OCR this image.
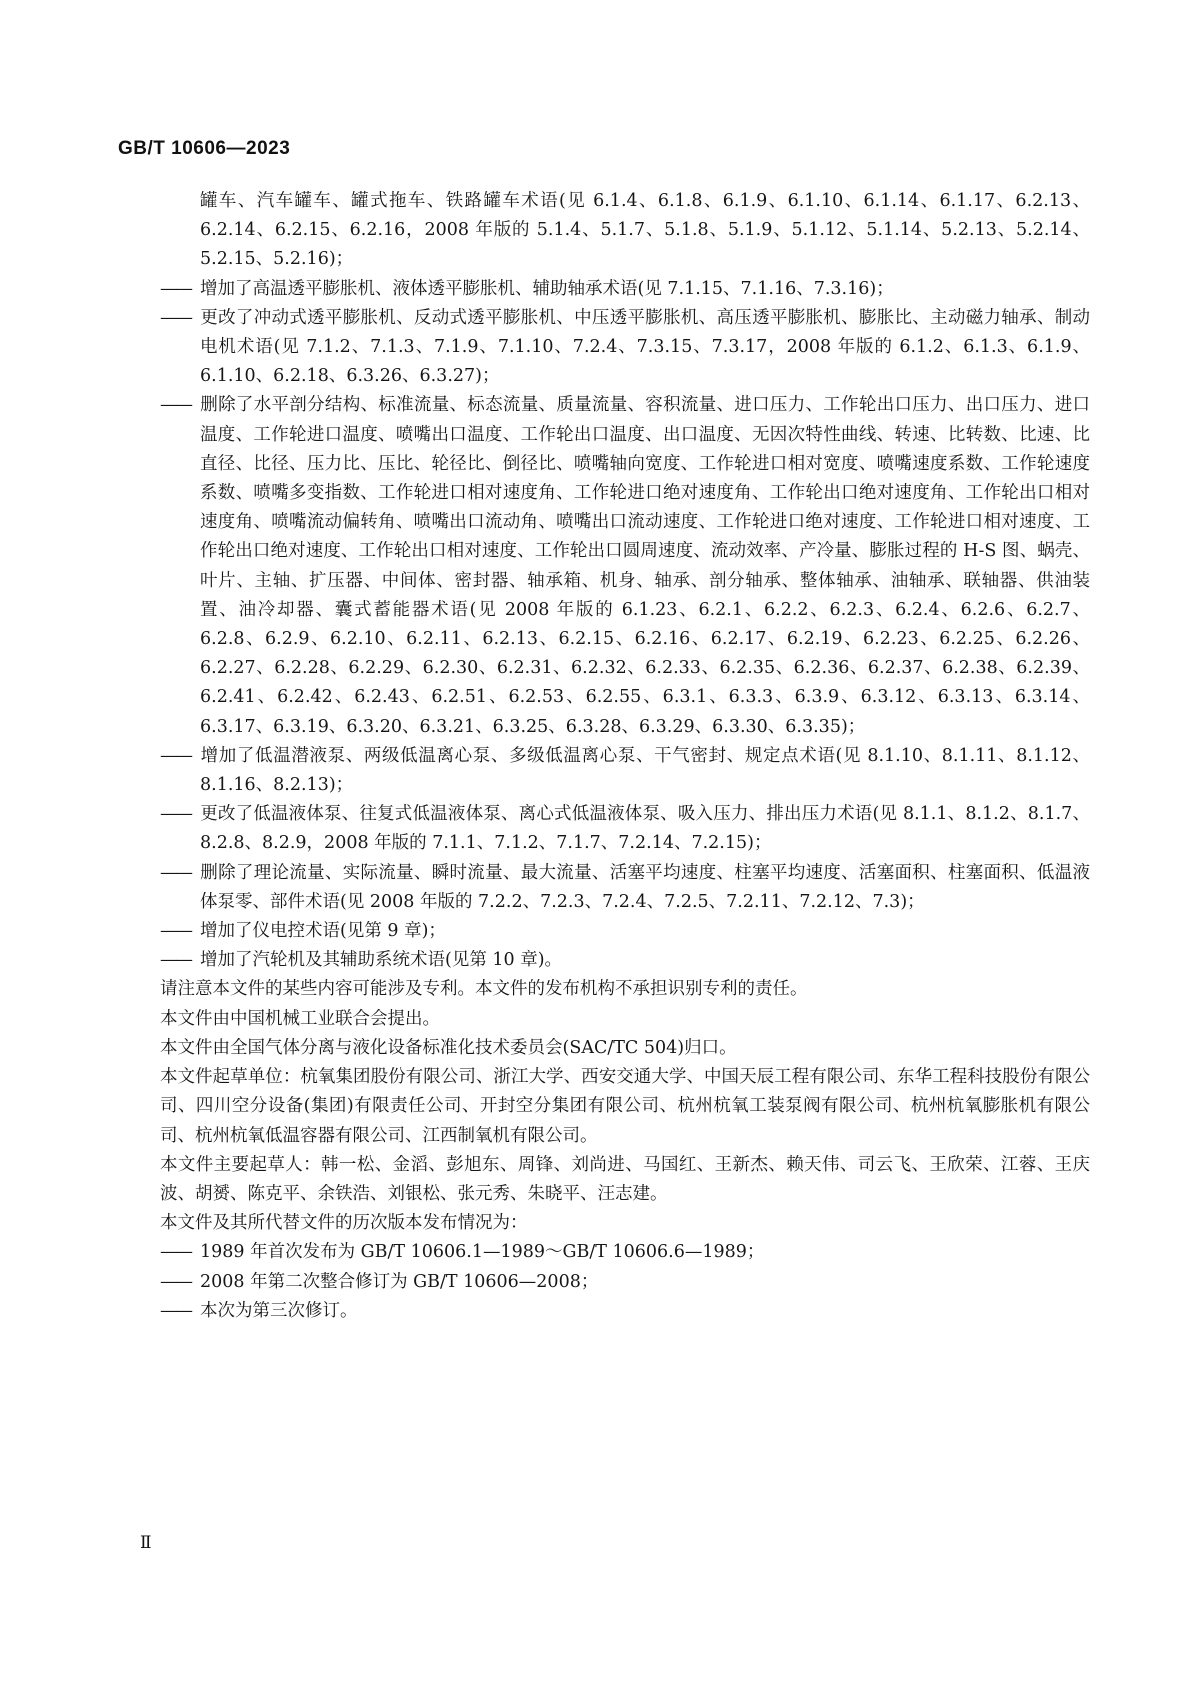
GB/T 10606—2023
罐车、汽车罐车、罐式拖车、铁路罐车术语(见 6.1.4、6.1.8、6.1.9、6.1.10、6.1.14、6.1.17、6.2.13、6.2.14、6.2.15、6.2.16，2008 年版的 5.1.4、5.1.7、5.1.8、5.1.9、5.1.12、5.1.14、5.2.13、5.2.14、5.2.15、5.2.16)；
—— 增加了高温透平膨胀机、液体透平膨胀机、辅助轴承术语(见 7.1.15、7.1.16、7.3.16)；
—— 更改了冲动式透平膨胀机、反动式透平膨胀机、中压透平膨胀机、高压透平膨胀机、膨胀比、主动磁力轴承、制动电机术语(见 7.1.2、7.1.3、7.1.9、7.1.10、7.2.4、7.3.15、7.3.17，2008 年版的 6.1.2、6.1.3、6.1.9、6.1.10、6.2.18、6.3.26、6.3.27)；
—— 删除了水平剖分结构、标准流量、标态流量、质量流量、容积流量、进口压力、工作轮出口压力、出口压力、进口温度、工作轮进口温度、喷嘴出口温度、工作轮出口温度、出口温度、无因次特性曲线、转速、比转数、比速、比直径、比径、压力比、压比、轮径比、倒径比、喷嘴轴向宽度、工作轮进口相对宽度、喷嘴速度系数、工作轮速度系数、喷嘴多变指数、工作轮进口相对速度角、工作轮进口绝对速度角、工作轮出口绝对速度角、工作轮出口相对速度角、喷嘴流动偏转角、喷嘴出口流动角、喷嘴出口流动速度、工作轮进口绝对速度、工作轮进口相对速度、工作轮出口绝对速度、工作轮出口相对速度、工作轮出口圆周速度、流动效率、产冷量、膨胀过程的 H-S 图、蜗壳、叶片、主轴、扩压器、中间体、密封器、轴承箱、机身、轴承、剖分轴承、整体轴承、油轴承、联轴器、供油装置、油冷却器、囊式蓄能器术语(见 2008 年版的 6.1.23、6.2.1、6.2.2、6.2.3、6.2.4、6.2.6、6.2.7、6.2.8、6.2.9、6.2.10、6.2.11、6.2.13、6.2.15、6.2.16、6.2.17、6.2.19、6.2.23、6.2.25、6.2.26、6.2.27、6.2.28、6.2.29、6.2.30、6.2.31、6.2.32、6.2.33、6.2.35、6.2.36、6.2.37、6.2.38、6.2.39、6.2.41、6.2.42、6.2.43、6.2.51、6.2.53、6.2.55、6.3.1、6.3.3、6.3.9、6.3.12、6.3.13、6.3.14、6.3.17、6.3.19、6.3.20、6.3.21、6.3.25、6.3.28、6.3.29、6.3.30、6.3.35)；
—— 增加了低温潜液泵、两级低温离心泵、多级低温离心泵、干气密封、规定点术语(见 8.1.10、8.1.11、8.1.12、8.1.16、8.2.13)；
—— 更改了低温液体泵、往复式低温液体泵、离心式低温液体泵、吸入压力、排出压力术语(见 8.1.1、8.1.2、8.1.7、8.2.8、8.2.9，2008 年版的 7.1.1、7.1.2、7.1.7、7.2.14、7.2.15)；
—— 删除了理论流量、实际流量、瞬时流量、最大流量、活塞平均速度、柱塞平均速度、活塞面积、柱塞面积、低温液体泵零、部件术语(见 2008 年版的 7.2.2、7.2.3、7.2.4、7.2.5、7.2.11、7.2.12、7.3)；
—— 增加了仪电控术语(见第 9 章)；
—— 增加了汽轮机及其辅助系统术语(见第 10 章)。
请注意本文件的某些内容可能涉及专利。本文件的发布机构不承担识别专利的责任。
本文件由中国机械工业联合会提出。
本文件由全国气体分离与液化设备标准化技术委员会(SAC/TC 504)归口。
本文件起草单位：杭氧集团股份有限公司、浙江大学、西安交通大学、中国天辰工程有限公司、东华工程科技股份有限公司、四川空分设备(集团)有限责任公司、开封空分集团有限公司、杭州杭氧工装泵阀有限公司、杭州杭氧膨胀机有限公司、杭州杭氧低温容器有限公司、江西制氧机有限公司。
本文件主要起草人：韩一松、金滔、彭旭东、周锋、刘尚进、马国红、王新杰、赖天伟、司云飞、王欣荣、江蓉、王庆波、胡赟、陈克平、余铁浩、刘银松、张元秀、朱晓平、汪志建。
本文件及其所代替文件的历次版本发布情况为：
—— 1989 年首次发布为 GB/T 10606.1—1989～GB/T 10606.6—1989；
—— 2008 年第二次整合修订为 GB/T 10606—2008；
—— 本次为第三次修订。
Ⅱ
